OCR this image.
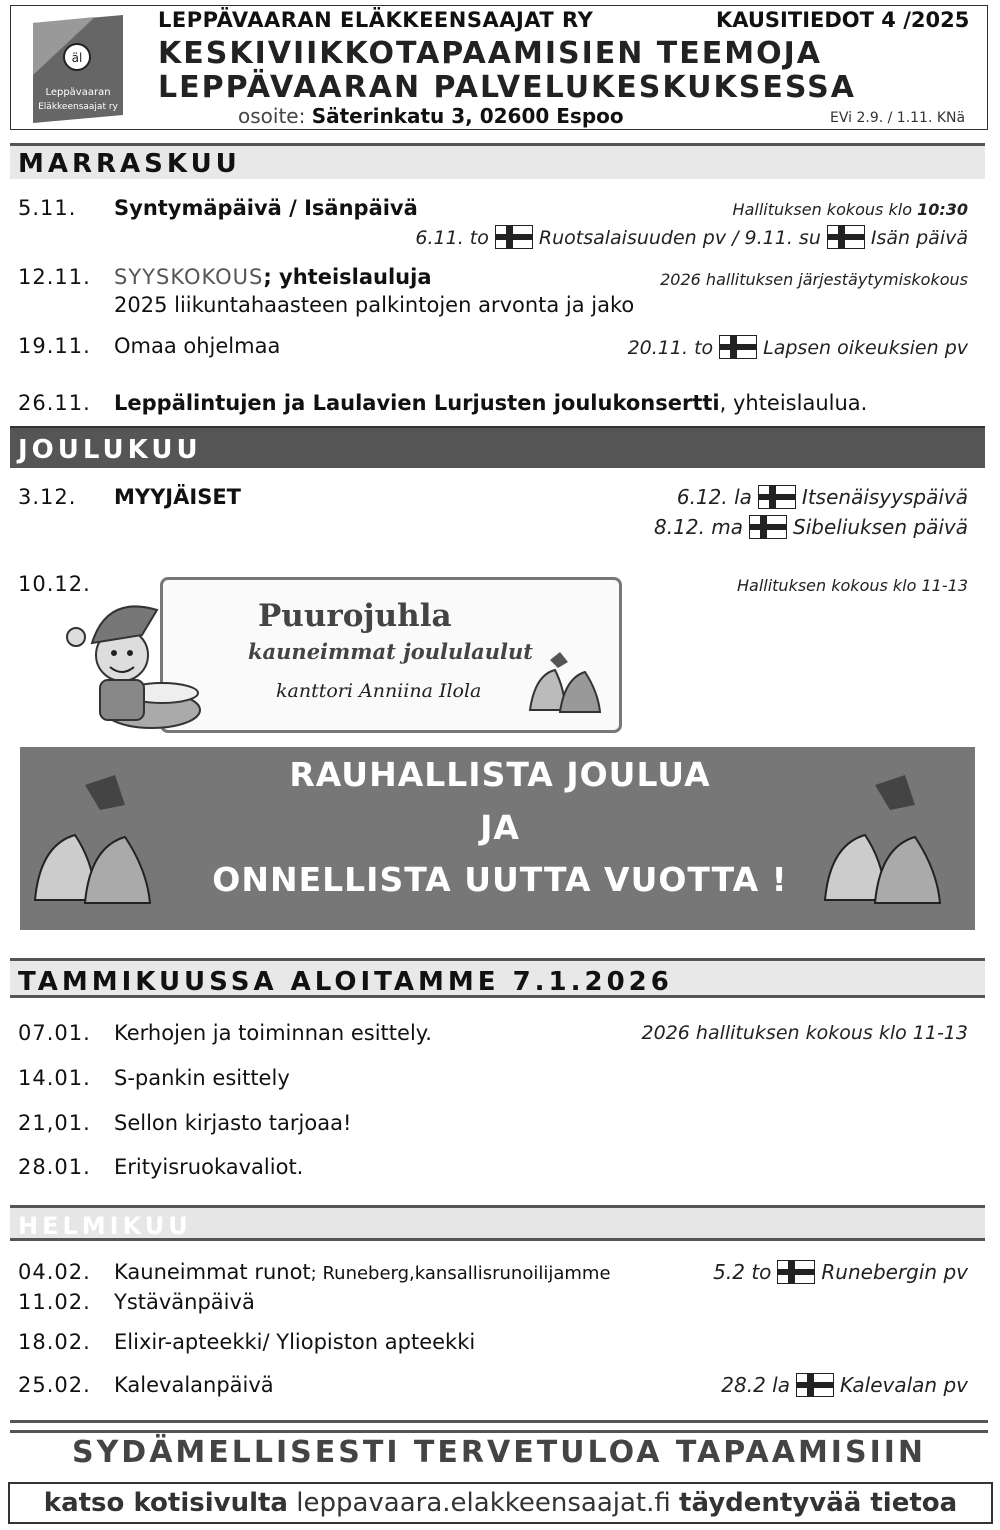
äl
Leppävaaran
Eläkkeensaajat ry
LEPPÄVAARAN ELÄKKEENSAAJAT RY	KAUSITIEDOT 4 /2025
KESKIVIIKKOTAPAAMISIEN TEEMOJA
LEPPÄVAARAN PALVELUKESKUKSESSA
osoite: Säterinkatu 3, 02600 Espoo	EVi 2.9. / 1.11. KNä
MARRASKUU
5.11. Syntymäpäivä / Isänpäivä	Hallituksen kokous klo 10:30
6.11. to	Ruotsalaisuuden pv / 9.11. su	Isän päivä
12.11. SYYSKOKOUS; yhteislauluja	2026 hallituksen järjestäytymiskokous
2025 liikuntahaasteen palkintojen arvonta ja jako
19.11. Omaa ohjelmaa	20.11. to	Lapsen oikeuksien pv
26.11. Leppälintujen ja Laulavien Lurjusten joulukonsertti, yhteislaulua.
JOULUKUU
3.12. MYYJÄISET	6.12. la	Itsenäisyyspäivä
8.12. ma	Sibeliuksen päivä
10.12.	Hallituksen kokous klo 11-13
Puurojuhla
kauneimmat joululaulut
kanttori Anniina Ilola
RAUHALLISTA JOULUA
JA
ONNELLISTA UUTTA VUOTTA !
TAMMIKUUSSA ALOITAMME 7.1.2026
07.01. Kerhojen ja toiminnan esittely.	2026 hallituksen kokous klo 11-13
14.01. S-pankin esittely
21,01. Sellon kirjasto tarjoaa!
28.01. Erityisruokavaliot.
HELMIKUU
04.02. Kauneimmat runot; Runeberg,kansallisrunoilijamme	5.2 to	Runebergin pv
11.02. Ystävänpäivä
18.02. Elixir-apteekki/ Yliopiston apteekki
25.02. Kalevalanpäivä	28.2 la	Kalevalan pv
SYDÄMELLISESTI TERVETULOA TAPAAMISIIN
katso kotisivulta leppavaara.elakkeensaajat.fi täydentyvää tietoa
